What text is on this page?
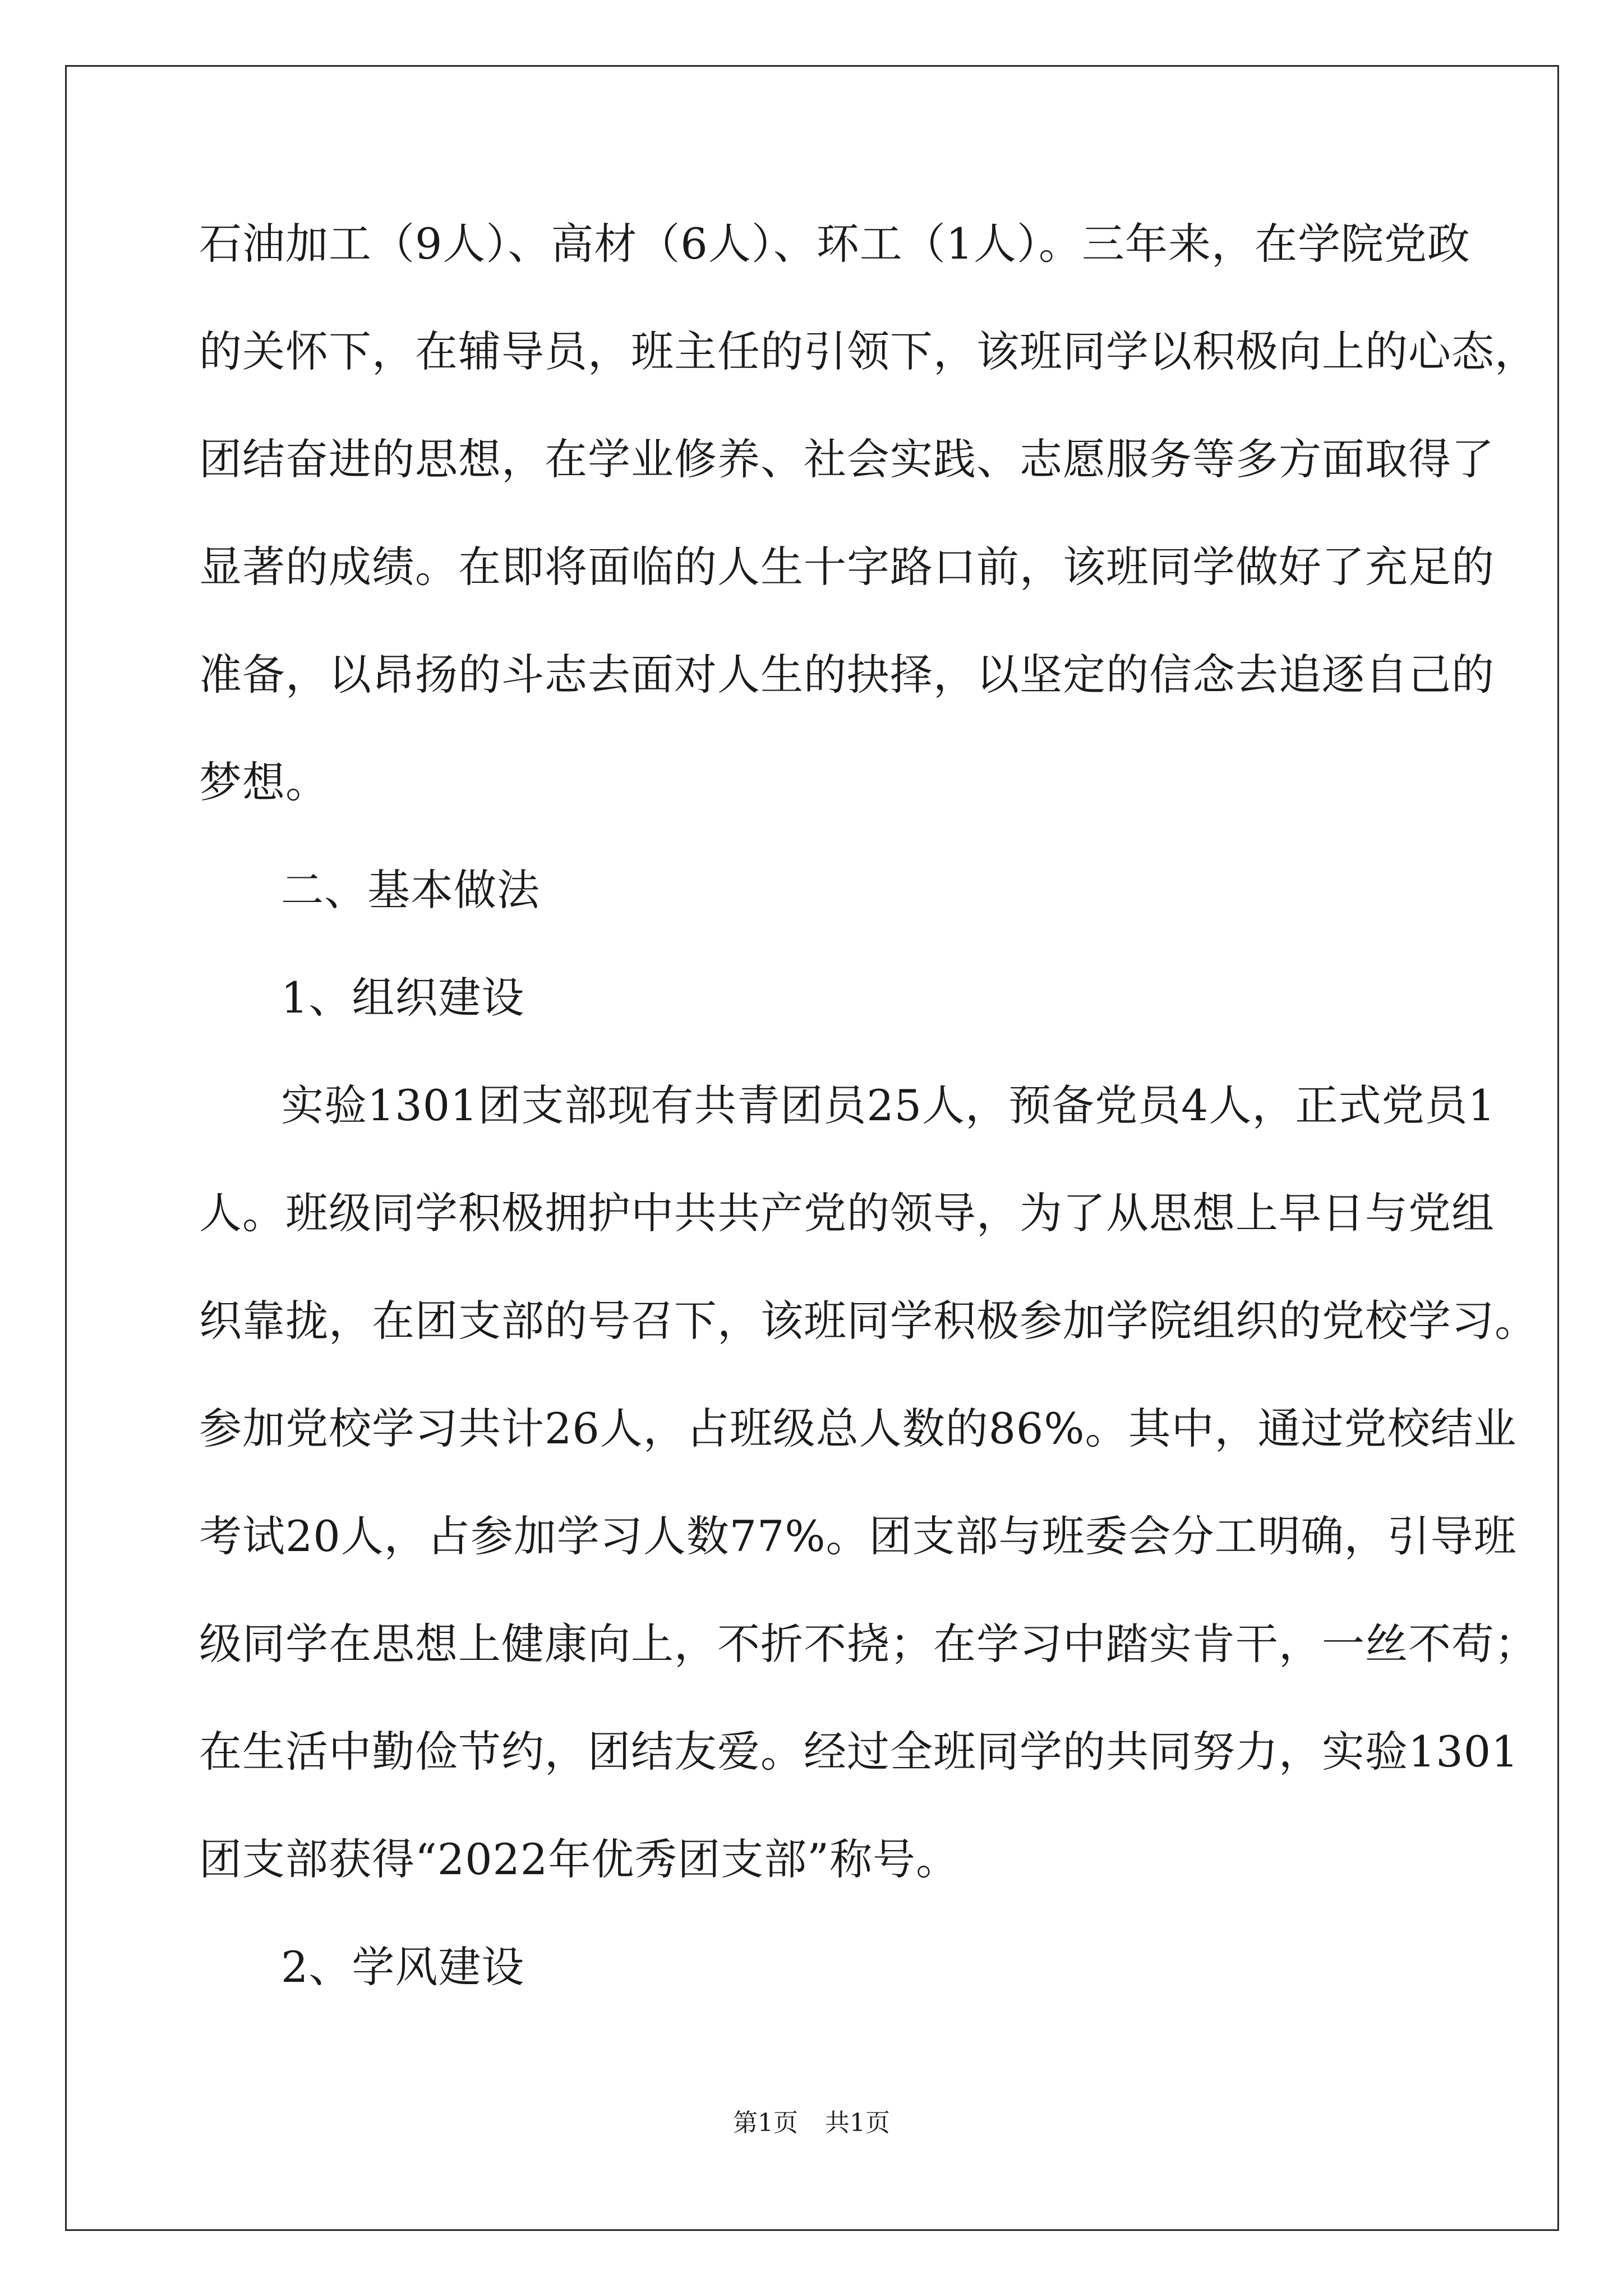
石油加工（9人）、高材（6人）、环工（1人）。三年来，在学院党政
的关怀下，在辅导员，班主任的引领下，该班同学以积极向上的心态，
团结奋进的思想，在学业修养、社会实践、志愿服务等多方面取得了
显著的成绩。在即将面临的人生十字路口前，该班同学做好了充足的
准备，以昂扬的斗志去面对人生的抉择，以坚定的信念去追逐自己的
梦想。
二、基本做法
1、组织建设
实验1301团支部现有共青团员25人，预备党员4人，正式党员1
人。班级同学积极拥护中共共产党的领导，为了从思想上早日与党组
织靠拢，在团支部的号召下，该班同学积极参加学院组织的党校学习。
参加党校学习共计26人，占班级总人数的86%。其中，通过党校结业
考试20人，占参加学习人数77%。团支部与班委会分工明确，引导班
级同学在思想上健康向上，不折不挠；在学习中踏实肯干，一丝不苟；
在生活中勤俭节约，团结友爱。经过全班同学的共同努力，实验1301
团支部获得“2022年优秀团支部”称号。
2、学风建设
第1页 共1页
